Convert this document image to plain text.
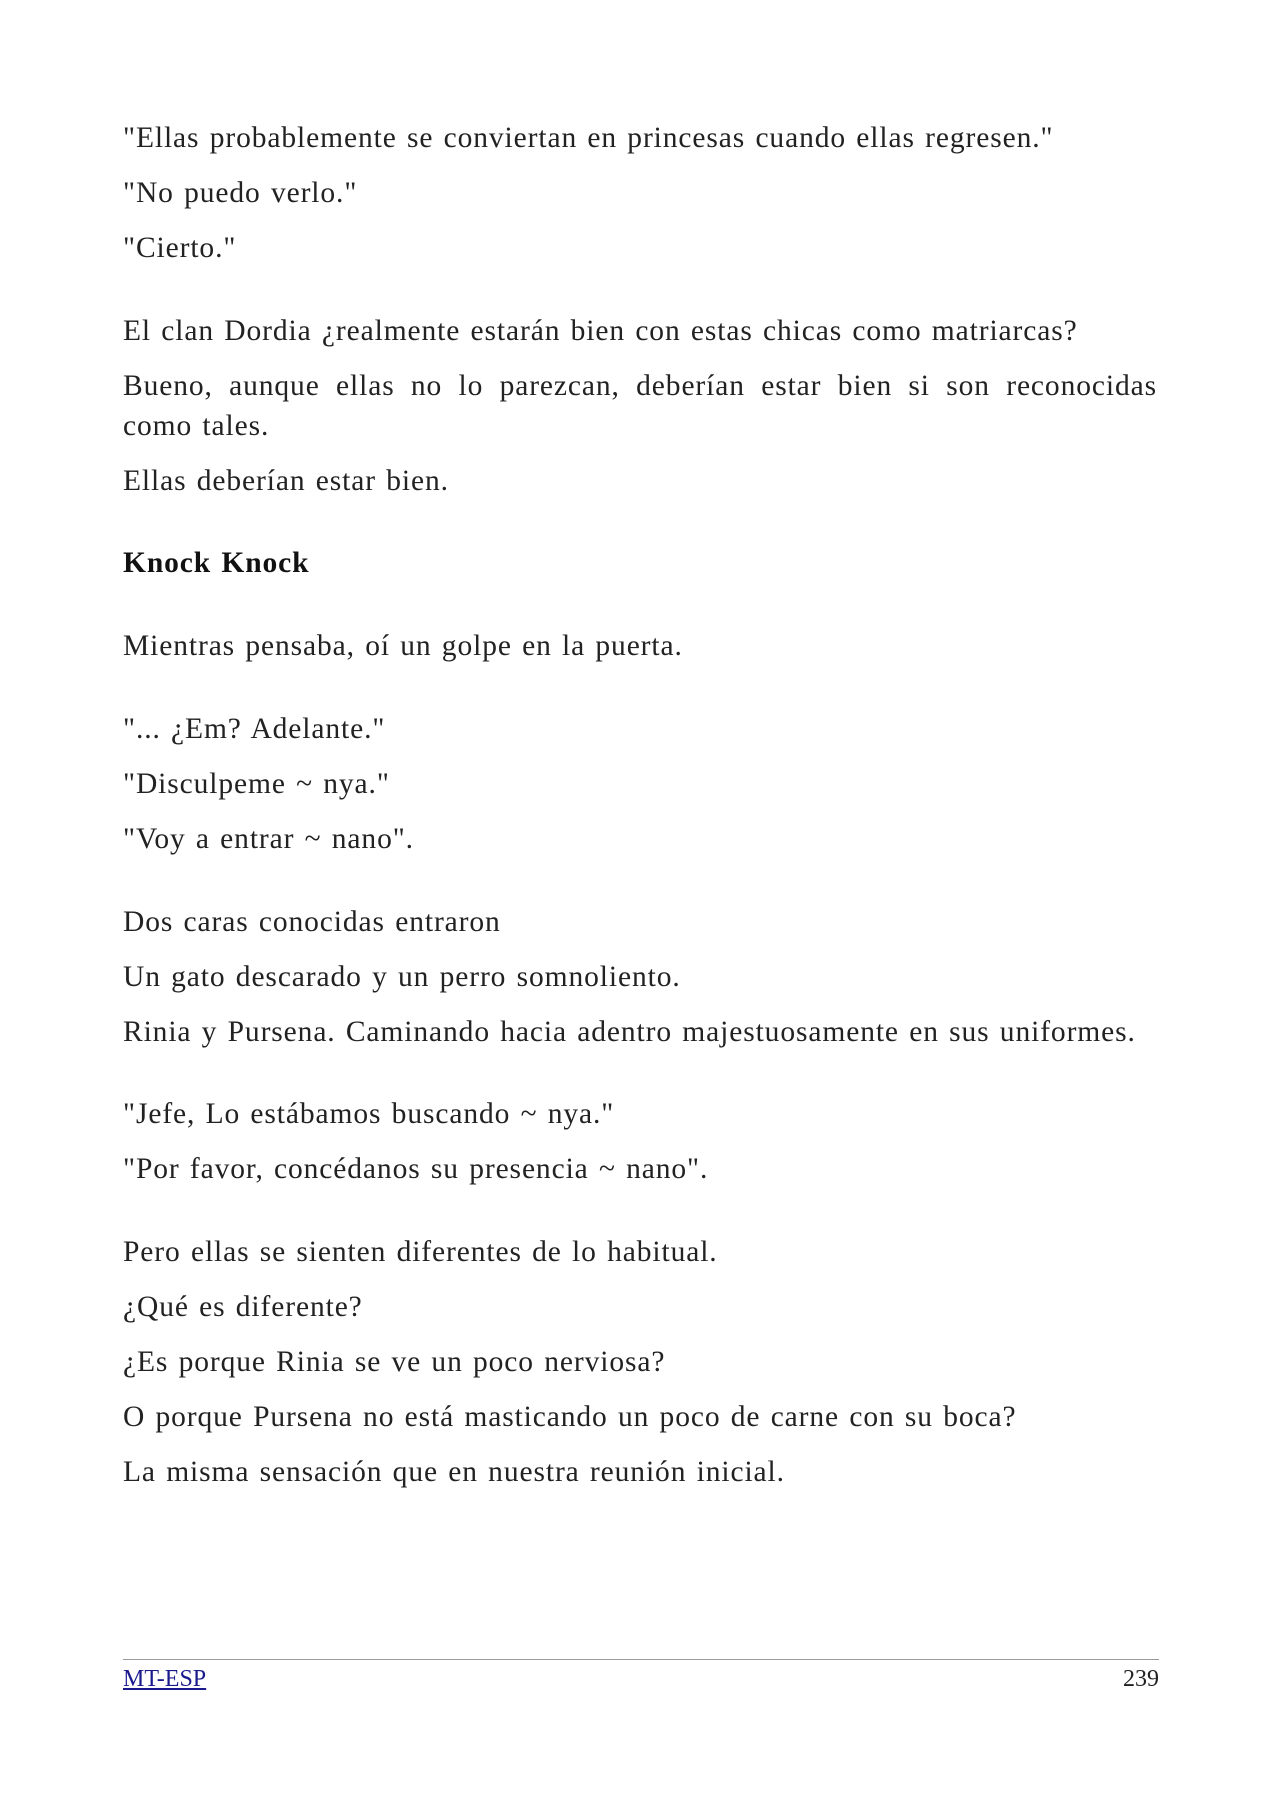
"Ellas probablemente se conviertan en princesas cuando ellas regresen."

"No puedo verlo."

"Cierto."

El clan Dordia ¿realmente estarán bien con estas chicas como matriarcas?

Bueno, aunque ellas no lo parezcan, deberían estar bien si son reconocidas como tales.

Ellas deberían estar bien.

Knock Knock

Mientras pensaba, oí un golpe en la puerta.

"... ¿Em? Adelante."

"Disculpeme ~ nya."

"Voy a entrar ~ nano".

Dos caras conocidas entraron

Un gato descarado y un perro somnoliento.

Rinia y Pursena. Caminando hacia adentro majestuosamente en sus uniformes.

"Jefe, Lo estábamos buscando ~ nya."

"Por favor, concédanos su presencia ~ nano".

Pero ellas se sienten diferentes de lo habitual.

¿Qué es diferente?

¿Es porque Rinia se ve un poco nerviosa?

O porque Pursena no está masticando un poco de carne con su boca?

La misma sensación que en nuestra reunión inicial.

MT-ESP	239
